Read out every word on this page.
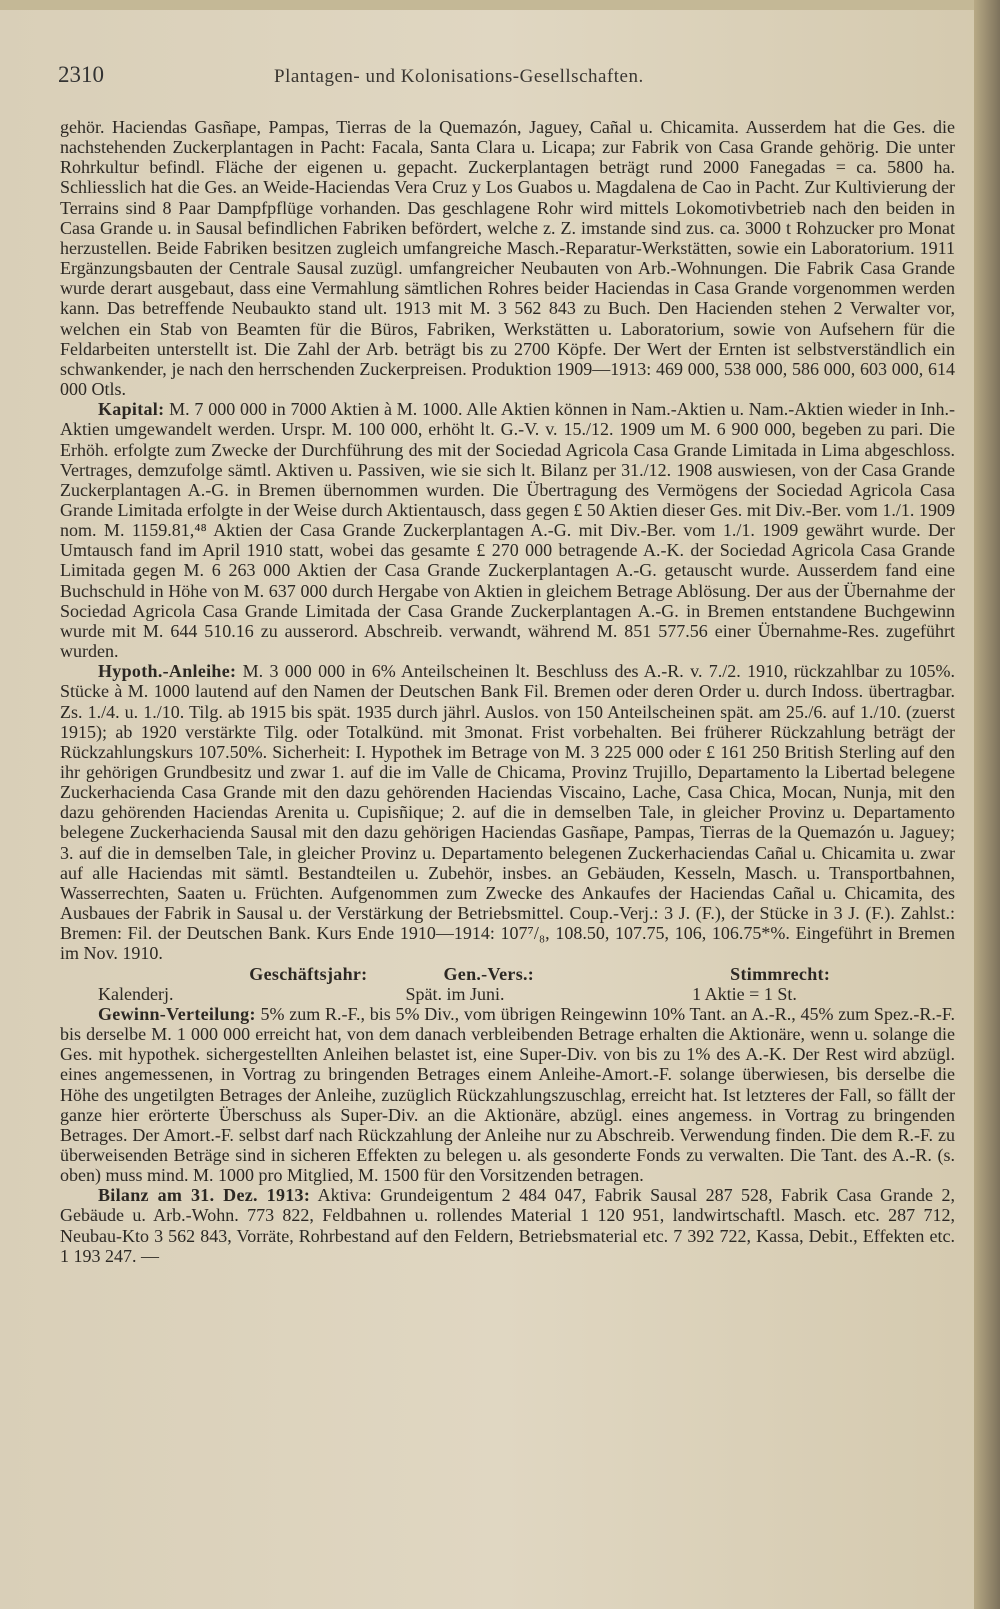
2310	Plantagen- und Kolonisations-Gesellschaften.

gehör. Haciendas Gasñape, Pampas, Tierras de la Quemazón, Jaguey, Cañal u. Chicamita. Ausserdem hat die Ges. die nachstehenden Zuckerplantagen in Pacht: Facala, Santa Clara u. Licapa; zur Fabrik von Casa Grande gehörig. Die unter Rohrkultur befindl. Fläche der eigenen u. gepacht. Zuckerplantagen beträgt rund 2000 Fanegadas = ca. 5800 ha. Schliesslich hat die Ges. an Weide-Haciendas Vera Cruz y Los Guabos u. Magdalena de Cao in Pacht. Zur Kultivierung der Terrains sind 8 Paar Dampfpflüge vorhanden. Das geschlagene Rohr wird mittels Lokomotivbetrieb nach den beiden in Casa Grande u. in Sausal befindlichen Fabriken befördert, welche z. Z. imstande sind zus. ca. 3000 t Rohzucker pro Monat herzustellen. Beide Fabriken besitzen zugleich umfangreiche Masch.-Reparatur-Werkstätten, sowie ein Laboratorium. 1911 Ergänzungsbauten der Centrale Sausal zuzügl. umfangreicher Neubauten von Arb.-Wohnungen. Die Fabrik Casa Grande wurde derart ausgebaut, dass eine Vermahlung sämtlichen Rohres beider Haciendas in Casa Grande vorgenommen werden kann. Das betreffende Neubaukto stand ult. 1913 mit M. 3 562 843 zu Buch. Den Hacienden stehen 2 Verwalter vor, welchen ein Stab von Beamten für die Büros, Fabriken, Werkstätten u. Laboratorium, sowie von Aufsehern für die Feldarbeiten unterstellt ist. Die Zahl der Arb. beträgt bis zu 2700 Köpfe. Der Wert der Ernten ist selbstverständlich ein schwankender, je nach den herrschenden Zuckerpreisen. Produktion 1909—1913: 469 000, 538 000, 586 000, 603 000, 614 000 Otls.

Kapital: M. 7 000 000 in 7000 Aktien à M. 1000. Alle Aktien können in Nam.-Aktien u. Nam.-Aktien wieder in Inh.-Aktien umgewandelt werden. Urspr. M. 100 000, erhöht lt. G.-V. v. 15./12. 1909 um M. 6 900 000, begeben zu pari. Die Erhöh. erfolgte zum Zwecke der Durchführung des mit der Sociedad Agricola Casa Grande Limitada in Lima abgeschloss. Vertrages, demzufolge sämtl. Aktiven u. Passiven, wie sie sich lt. Bilanz per 31./12. 1908 auswiesen, von der Casa Grande Zuckerplantagen A.-G. in Bremen übernommen wurden. Die Übertragung des Vermögens der Sociedad Agricola Casa Grande Limitada erfolgte in der Weise durch Aktientausch, dass gegen £ 50 Aktien dieser Ges. mit Div.-Ber. vom 1./1. 1909 nom. M. 1159.81,⁴⁸ Aktien der Casa Grande Zuckerplantagen A.-G. mit Div.-Ber. vom 1./1. 1909 gewährt wurde. Der Umtausch fand im April 1910 statt, wobei das gesamte £ 270 000 betragende A.-K. der Sociedad Agricola Casa Grande Limitada gegen M. 6 263 000 Aktien der Casa Grande Zuckerplantagen A.-G. getauscht wurde. Ausserdem fand eine Buchschuld in Höhe von M. 637 000 durch Hergabe von Aktien in gleichem Betrage Ablösung. Der aus der Übernahme der Sociedad Agricola Casa Grande Limitada der Casa Grande Zuckerplantagen A.-G. in Bremen entstandene Buchgewinn wurde mit M. 644 510.16 zu ausserord. Abschreib. verwandt, während M. 851 577.56 einer Übernahme-Res. zugeführt wurden.

Hypoth.-Anleihe: M. 3 000 000 in 6% Anteilscheinen lt. Beschluss des A.-R. v. 7./2. 1910, rückzahlbar zu 105%. Stücke à M. 1000 lautend auf den Namen der Deutschen Bank Fil. Bremen oder deren Order u. durch Indoss. übertragbar. Zs. 1./4. u. 1./10. Tilg. ab 1915 bis spät. 1935 durch jährl. Auslos. von 150 Anteilscheinen spät. am 25./6. auf 1./10. (zuerst 1915); ab 1920 verstärkte Tilg. oder Totalkünd. mit 3monat. Frist vorbehalten. Bei früherer Rückzahlung beträgt der Rückzahlungskurs 107.50%. Sicherheit: I. Hypothek im Betrage von M. 3 225 000 oder £ 161 250 British Sterling auf den ihr gehörigen Grundbesitz und zwar 1. auf die im Valle de Chicama, Provinz Trujillo, Departamento la Libertad belegene Zuckerhacienda Casa Grande mit den dazu gehörenden Haciendas Viscaino, Lache, Casa Chica, Mocan, Nunja, mit den dazu gehörenden Haciendas Arenita u. Cupisñique; 2. auf die in demselben Tale, in gleicher Provinz u. Departamento belegene Zuckerhacienda Sausal mit den dazu gehörigen Haciendas Gasñape, Pampas, Tierras de la Quemazón u. Jaguey; 3. auf die in demselben Tale, in gleicher Provinz u. Departamento belegenen Zuckerhaciendas Cañal u. Chicamita u. zwar auf alle Haciendas mit sämtl. Bestandteilen u. Zubehör, insbes. an Gebäuden, Kesseln, Masch. u. Transportbahnen, Wasserrechten, Saaten u. Früchten. Aufgenommen zum Zwecke des Ankaufes der Haciendas Cañal u. Chicamita, des Ausbaues der Fabrik in Sausal u. der Verstärkung der Betriebsmittel. Coup.-Verj.: 3 J. (F.), der Stücke in 3 J. (F.). Zahlst.: Bremen: Fil. der Deutschen Bank. Kurs Ende 1910—1914: 107⁷/₈, 108.50, 107.75, 106, 106.75*%. Eingeführt in Bremen im Nov. 1910.

Geschäftsjahr:Kalenderj.
Gen.-Vers.:Spät. im Juni.
Stimmrecht:1 Aktie = 1 St.

Gewinn-Verteilung: 5% zum R.-F., bis 5% Div., vom übrigen Reingewinn 10% Tant. an A.-R., 45% zum Spez.-R.-F. bis derselbe M. 1 000 000 erreicht hat, von dem danach verbleibenden Betrage erhalten die Aktionäre, wenn u. solange die Ges. mit hypothek. sichergestellten Anleihen belastet ist, eine Super-Div. von bis zu 1% des A.-K. Der Rest wird abzügl. eines angemessenen, in Vortrag zu bringenden Betrages einem Anleihe-Amort.-F. solange überwiesen, bis derselbe die Höhe des ungetilgten Betrages der Anleihe, zuzüglich Rückzahlungszuschlag, erreicht hat. Ist letzteres der Fall, so fällt der ganze hier erörterte Überschuss als Super-Div. an die Aktionäre, abzügl. eines angemess. in Vortrag zu bringenden Betrages. Der Amort.-F. selbst darf nach Rückzahlung der Anleihe nur zu Abschreib. Verwendung finden. Die dem R.-F. zu überweisenden Beträge sind in sicheren Effekten zu belegen u. als gesonderte Fonds zu verwalten. Die Tant. des A.-R. (s. oben) muss mind. M. 1000 pro Mitglied, M. 1500 für den Vorsitzenden betragen.

Bilanz am 31. Dez. 1913: Aktiva: Grundeigentum 2 484 047, Fabrik Sausal 287 528, Fabrik Casa Grande 2, Gebäude u. Arb.-Wohn. 773 822, Feldbahnen u. rollendes Material 1 120 951, landwirtschaftl. Masch. etc. 287 712, Neubau-Kto 3 562 843, Vorräte, Rohrbestand auf den Feldern, Betriebsmaterial etc. 7 392 722, Kassa, Debit., Effekten etc. 1 193 247. —
